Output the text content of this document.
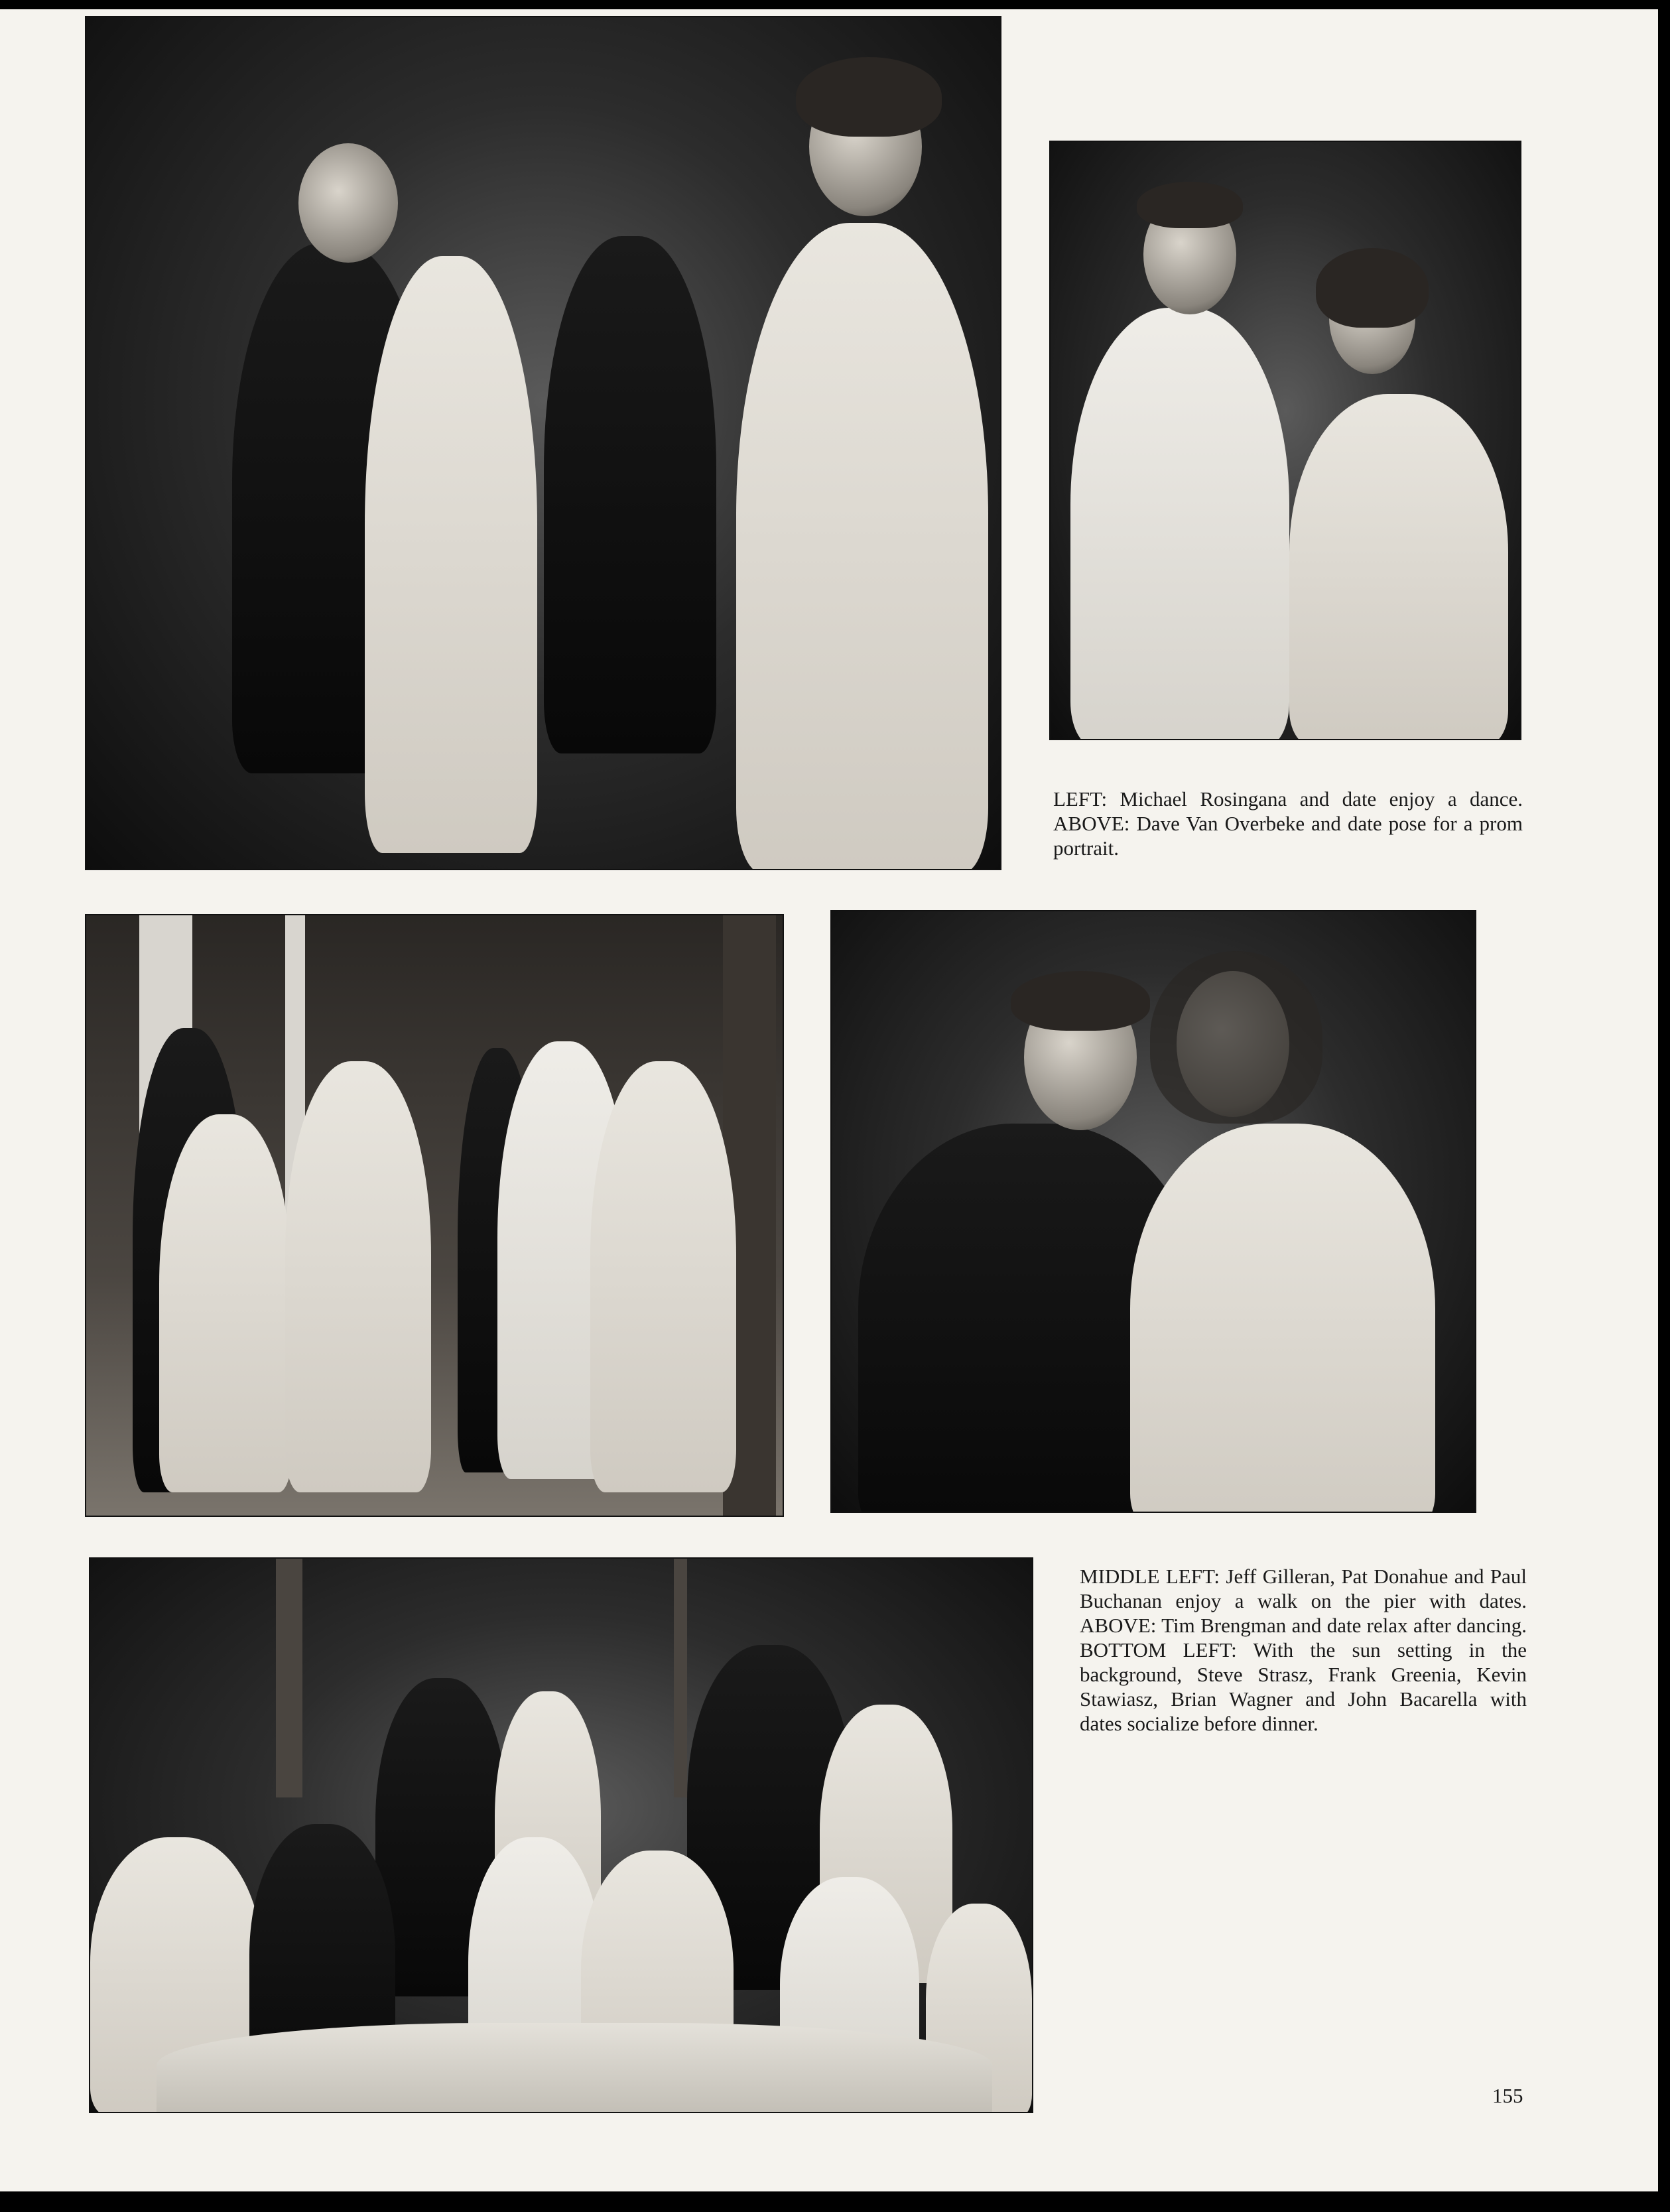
LEFT: Michael Rosingana and date enjoy a dance. ABOVE: Dave Van Overbeke and date pose for a prom portrait.
MIDDLE LEFT: Jeff Gilleran, Pat Donahue and Paul Buchanan enjoy a walk on the pier with dates. ABOVE: Tim Brengman and date relax after dancing. BOTTOM LEFT: With the sun setting in the background, Steve Strasz, Frank Greenia, Kevin Stawiasz, Brian Wagner and John Bacarella with dates socialize before dinner.
155
